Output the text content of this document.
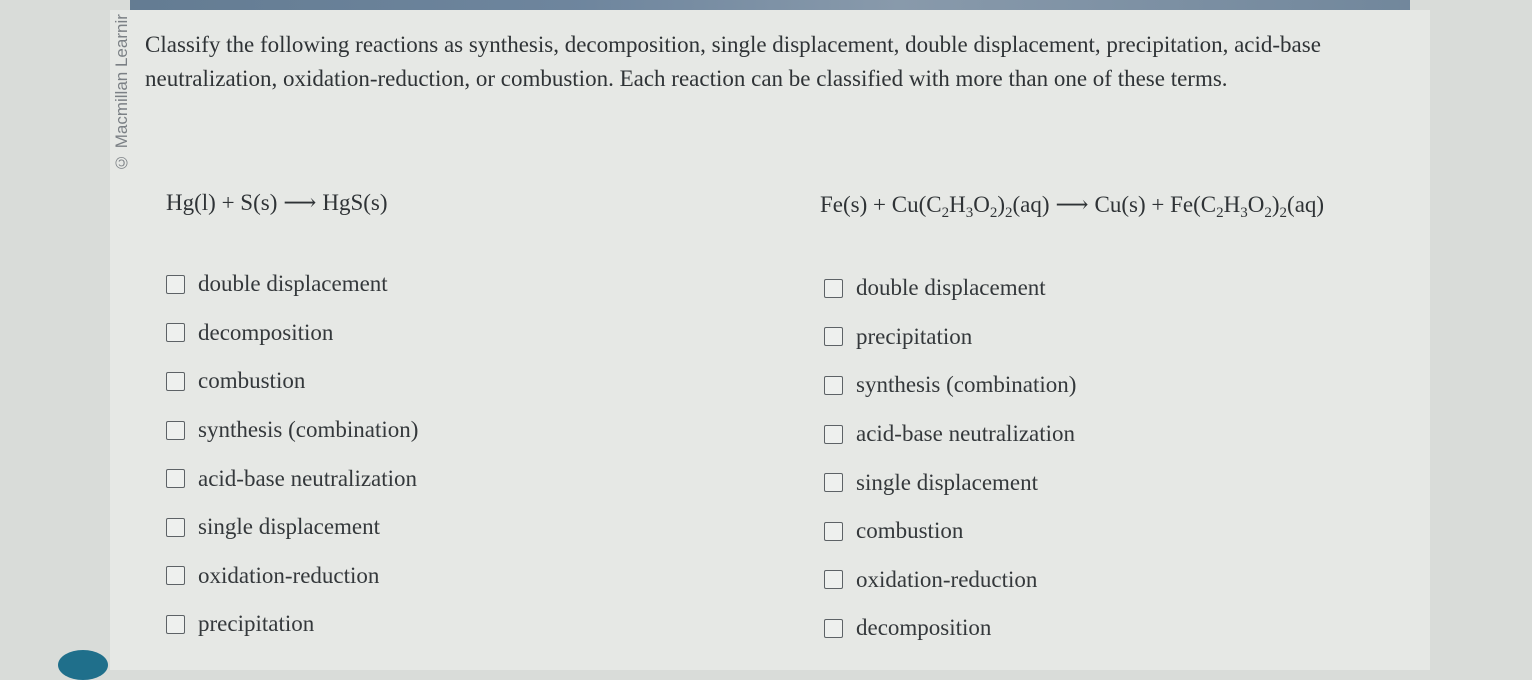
© Macmillan Learnir Classify the following reactions as synthesis, decomposition, single displacement, double displacement, precipitation, acid-base neutralization, oxidation-reduction, or combustion. Each reaction can be classified with more than one of these terms.
Hg(l) + S(s) ⟶ HgS(s)	$Fe(s) + Cu(C_2H_3O_2)_2(aq)$ ⟶ $Cu(s) + Fe(C_2H_3O_2)_2(aq)$
double displacement
decomposition
combustion
synthesis (combination)
acid-base neutralization
single displacement
oxidation-reduction
precipitation
double displacement
precipitation
synthesis (combination)
acid-base neutralization
single displacement
combustion
oxidation-reduction
decomposition
